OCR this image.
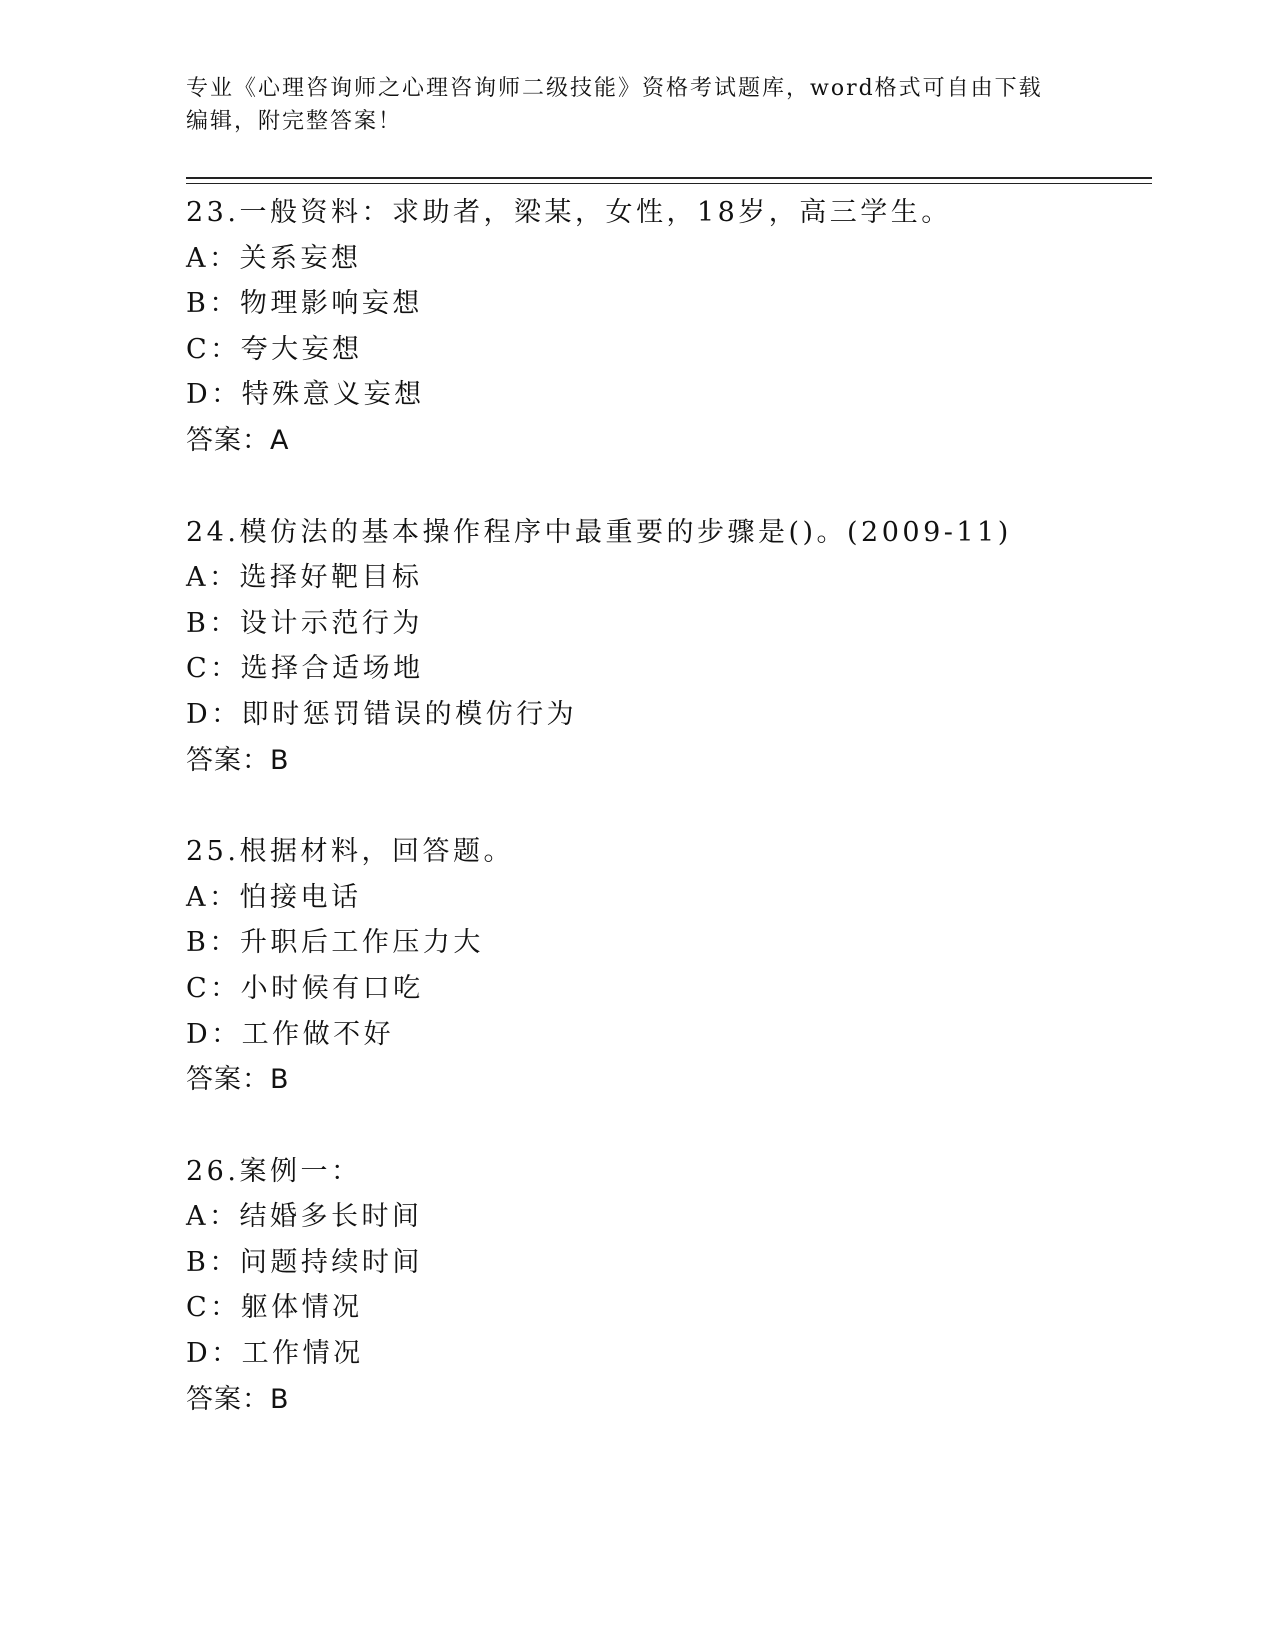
专业《心理咨询师之心理咨询师二级技能》资格考试题库，word格式可自由下载
编辑，附完整答案！
23.一般资料：求助者，梁某，女性，18岁，高三学生。
A：关系妄想
B：物理影响妄想
C：夸大妄想
D：特殊意义妄想
答案：A
24.模仿法的基本操作程序中最重要的步骤是()。(2009-11)
A：选择好靶目标
B：设计示范行为
C：选择合适场地
D：即时惩罚错误的模仿行为
答案：B
25.根据材料，回答题。
A：怕接电话
B：升职后工作压力大
C：小时候有口吃
D：工作做不好
答案：B
26.案例一：
A：结婚多长时间
B：问题持续时间
C：躯体情况
D：工作情况
答案：B
